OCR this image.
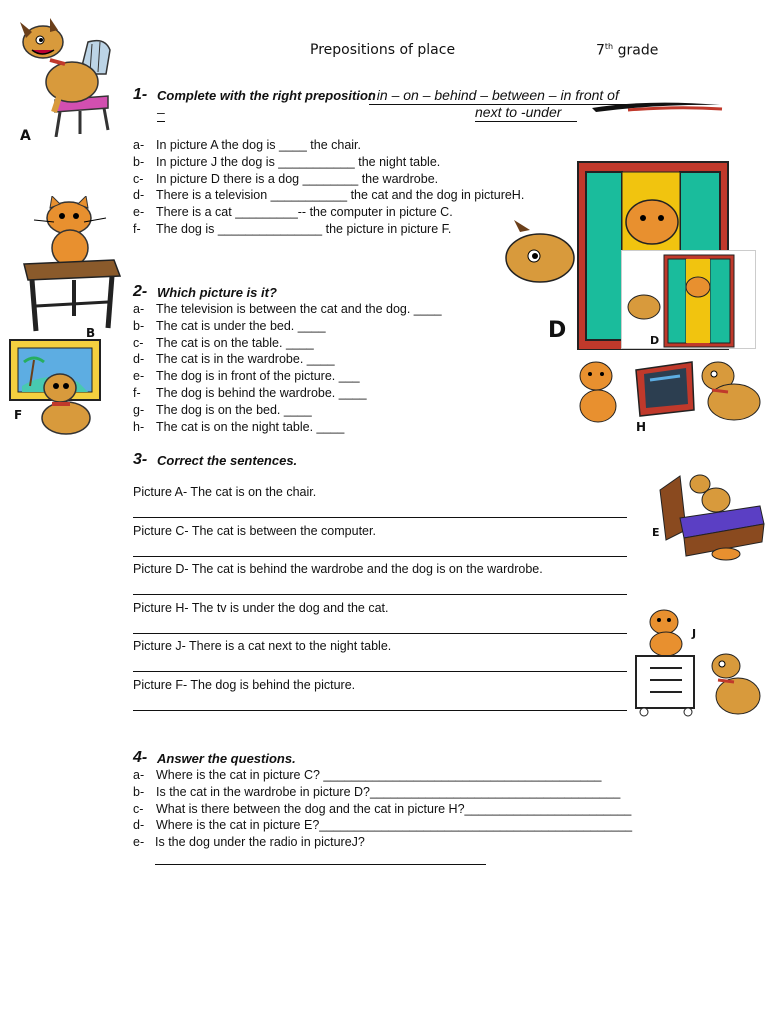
Prepositions of place	7th grade
1- Complete with the right preposition
: in – on – behind – between – in front of
–	next to -under
a- In picture A the dog is ____ the chair.
b- In picture J the dog is ___________ the night table.
c- In picture D there is a dog ________ the wardrobe.
d- There is a television ___________ the cat and the dog in pictureH.
e- There is a cat _________-- the computer in picture C.
f- The dog is _______________ the picture in picture F.
2- Which picture is it?
a- The television is between the cat and the dog. ____
b- The cat is under the bed. ____
c- The cat is on the table. ____
d- The cat is in the wardrobe. ____
e- The dog is in front of the picture. ___
f- The dog is behind the wardrobe. ____
g- The dog is on the bed. ____
h- The cat is on the night table. ____
3- Correct the sentences.
Picture A- The cat is on the chair.
Picture C- The cat is between the computer.
Picture D- The cat is behind the wardrobe and the dog is on the wardrobe.
Picture H- The tv is under the dog and the cat.
Picture J- There is a cat next to the night table.
Picture F- The dog is behind the picture.
4- Answer the questions.
a- Where is the cat in picture C? ________________________________________
b- Is the cat in the wardrobe in picture D?____________________________________
c- What is there between the dog and the cat in picture H?________________________
d- Where is the cat in picture E?_____________________________________________
e- Is the dog under the radio in pictureJ?
A
B
F
D	D
H
E
J
